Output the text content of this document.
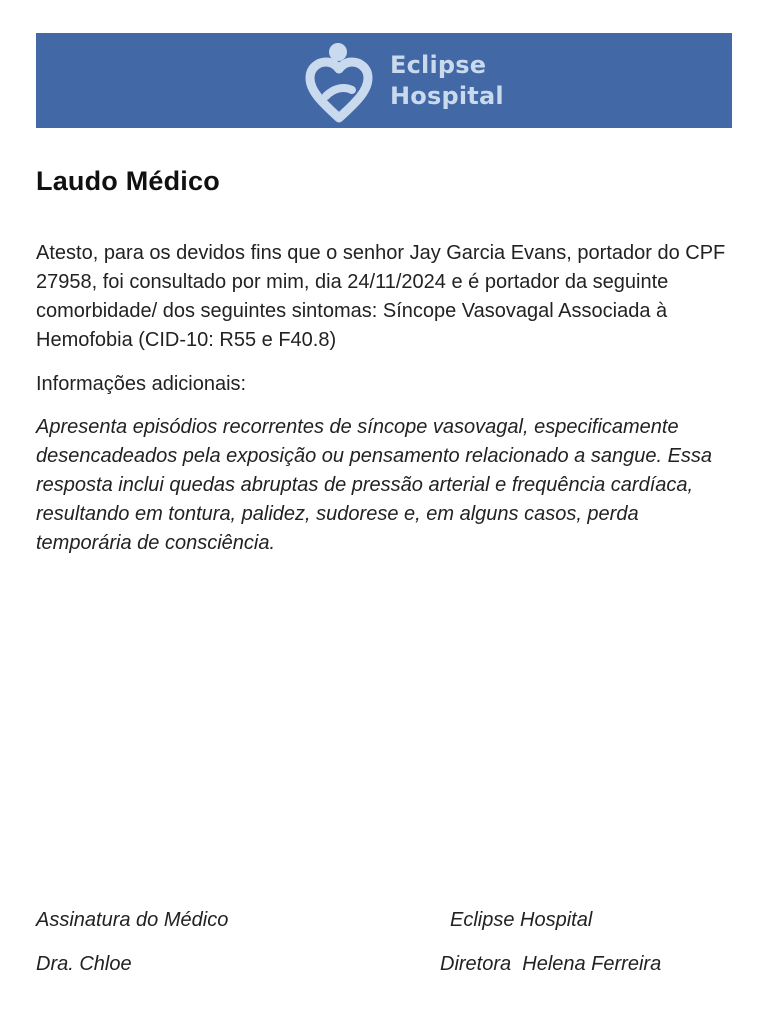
Eclipse
Hospital
Laudo Médico

Atesto, para os devidos fins que o senhor Jay Garcia Evans, portador do CPF 27958, foi consultado por mim, dia 24/11/2024 e é portador da seguinte comorbidade/ dos seguintes sintomas: Síncope Vasovagal Associada à Hemofobia (CID-10: R55 e F40.8)

Informações adicionais:

Apresenta episódios recorrentes de síncope vasovagal, especificamente desencadeados pela exposição ou pensamento relacionado a sangue. Essa resposta inclui quedas abruptas de pressão arterial e frequência cardíaca, resultando em tontura, palidez, sudorese e, em alguns casos, perda temporária de consciência.

Assinatura do Médico

Dra. Chloe

Eclipse Hospital

Diretora  Helena Ferreira
